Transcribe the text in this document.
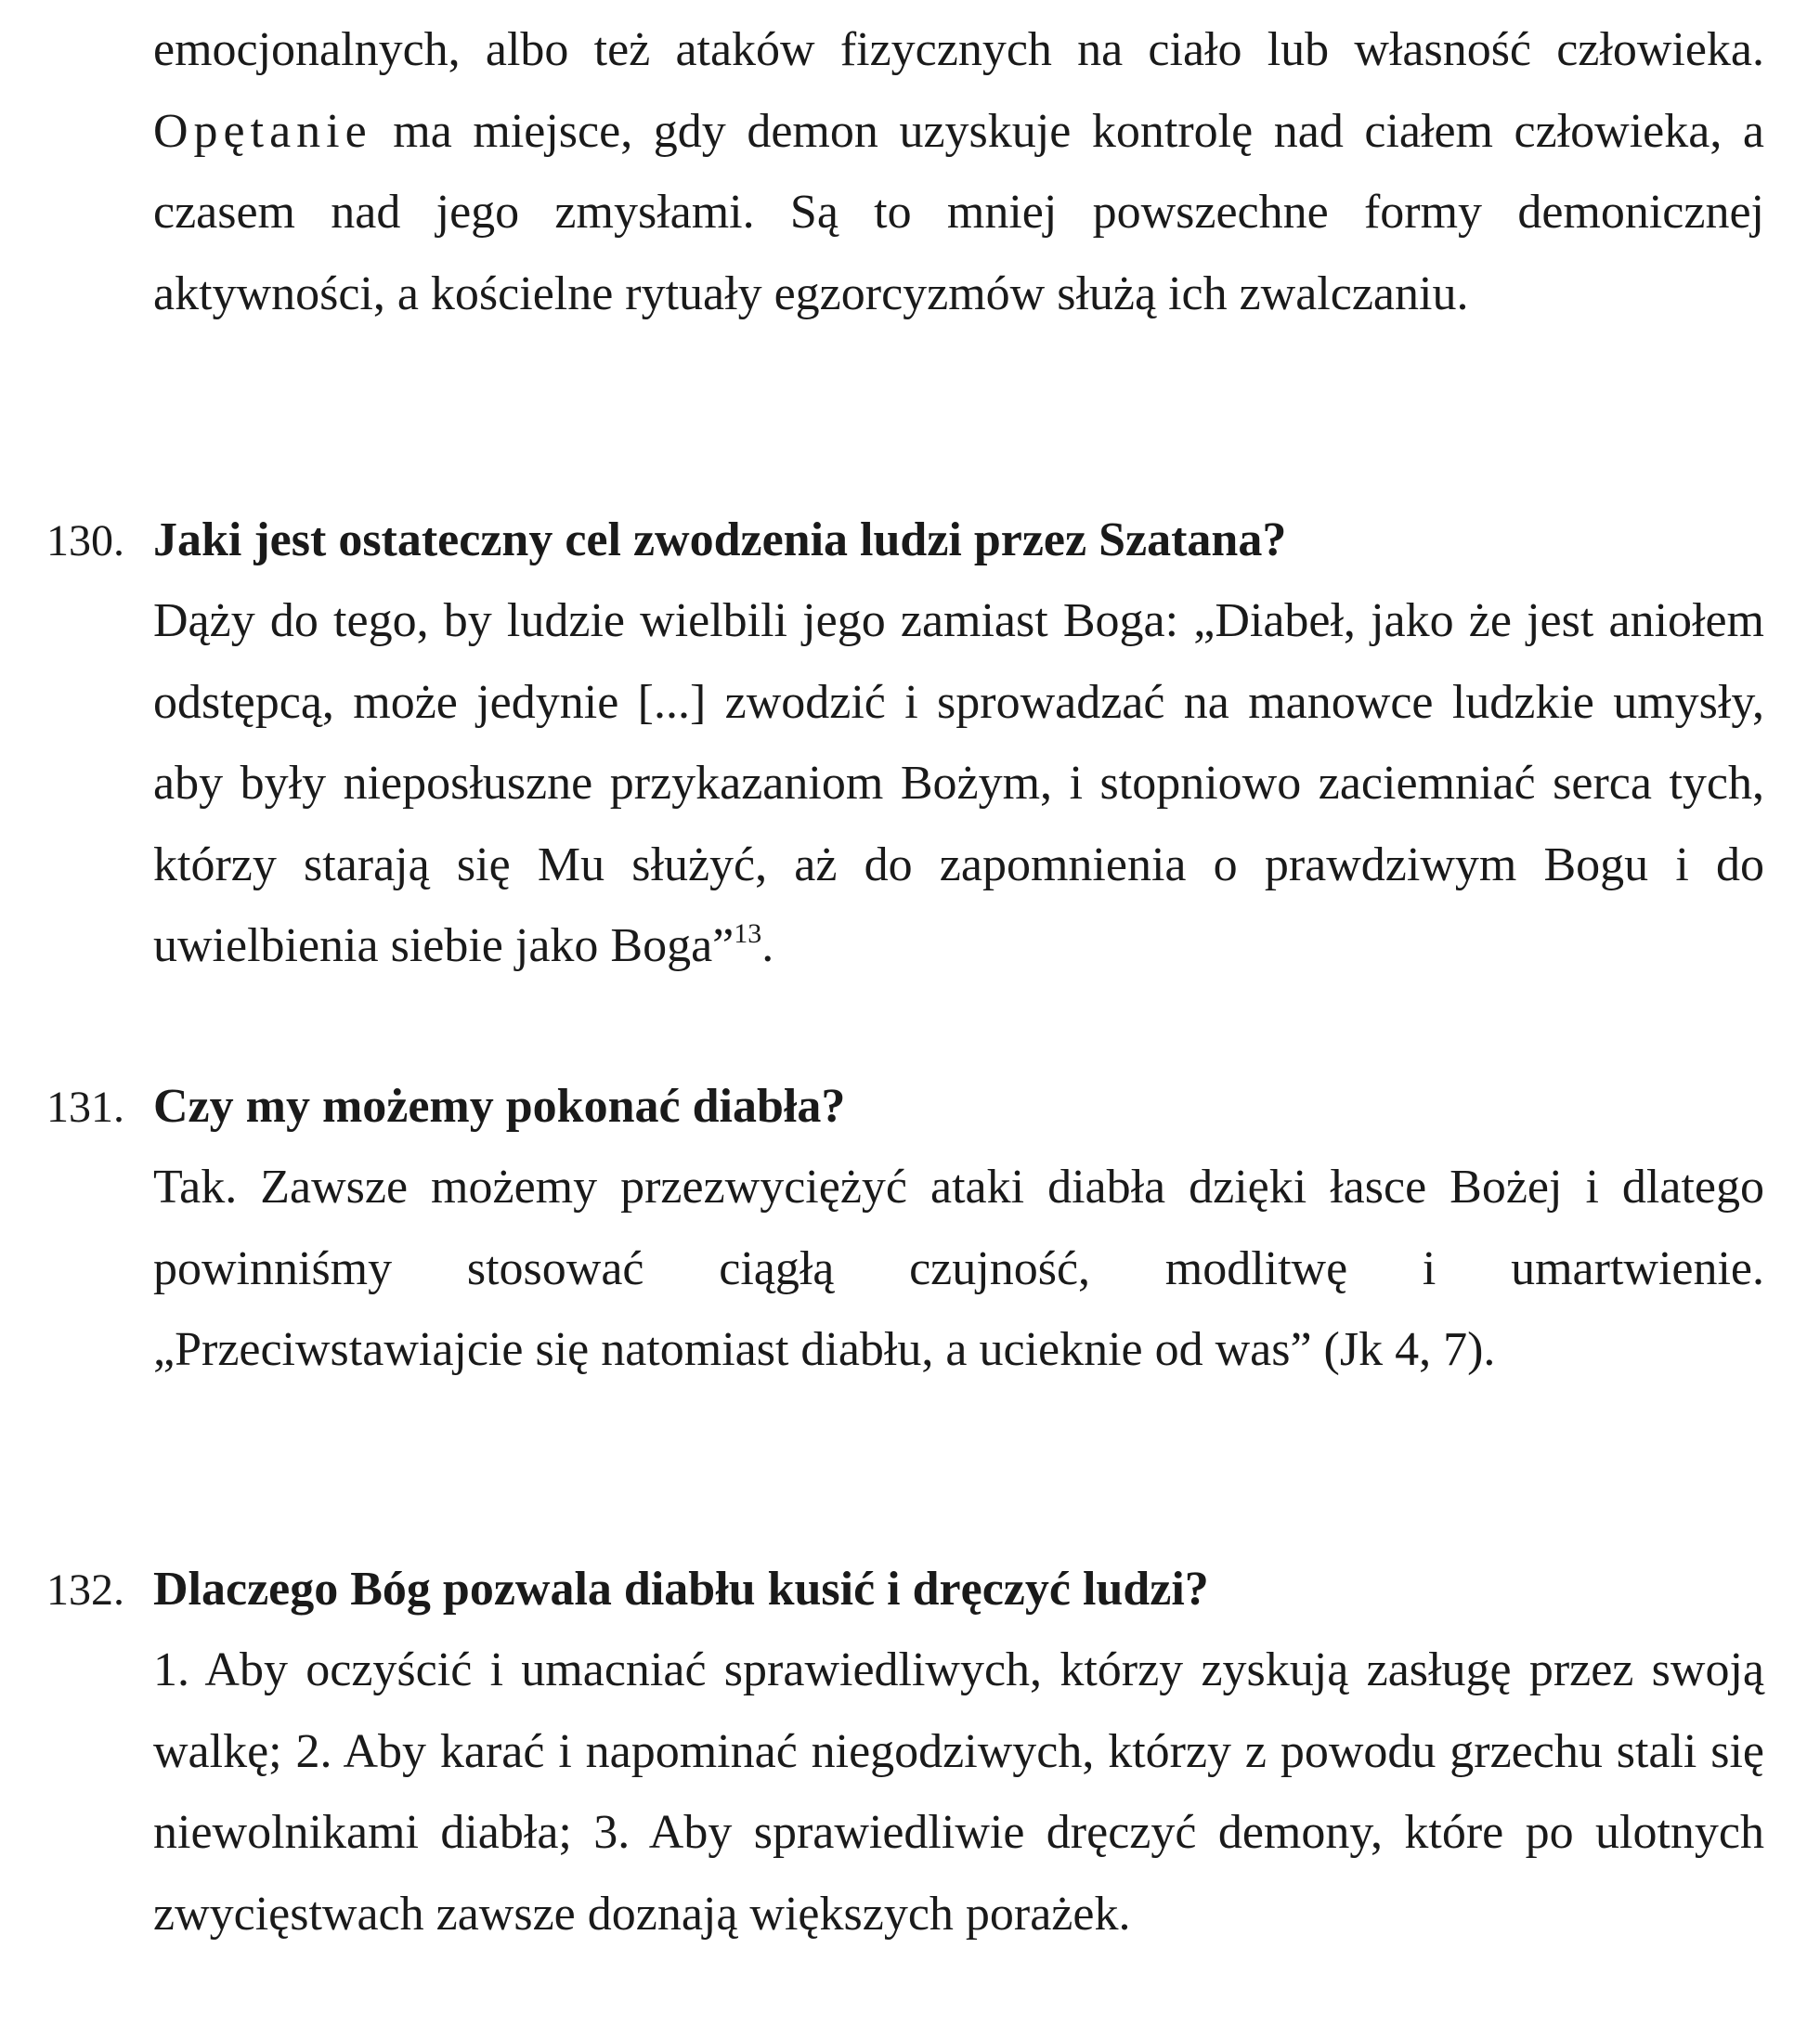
emocjonalnych, albo też ataków fizycznych na ciało lub własność człowieka. Opętanie ma miejsce, gdy demon uzyskuje kontrolę nad ciałem człowieka, a czasem nad jego zmysłami. Są to mniej powszechne formy demonicznej aktywności, a kościelne rytuały egzorcyzmów służą ich zwalczaniu.

130. Jaki jest ostateczny cel zwodzenia ludzi przez Szatana?

Dąży do tego, by ludzie wielbili jego zamiast Boga: „Diabeł, jako że jest aniołem odstępcą, może jedynie [...] zwodzić i sprowadzać na manowce ludzkie umysły, aby były nieposłuszne przykazaniom Bożym, i stopniowo zaciemniać serca tych, którzy starają się Mu służyć, aż do zapomnienia o prawdziwym Bogu i do uwielbienia siebie jako Boga”$^{13}$.

131. Czy my możemy pokonać diabła?

Tak. Zawsze możemy przezwyciężyć ataki diabła dzięki łasce Bożej i dlatego powinniśmy stosować ciągłą czujność, modlitwę i umartwienie. „Przeciwstawiajcie się natomiast diabłu, a ucieknie od was” (Jk 4, 7).

132. Dlaczego Bóg pozwala diabłu kusić i dręczyć ludzi?

1. Aby oczyścić i umacniać sprawiedliwych, którzy zyskują zasługę przez swoją walkę; 2. Aby karać i napominać niegodziwych, którzy z powodu grzechu stali się niewolnikami diabła; 3. Aby sprawiedliwie dręczyć demony, które po ulotnych zwycięstwach zawsze doznają większych porażek.
